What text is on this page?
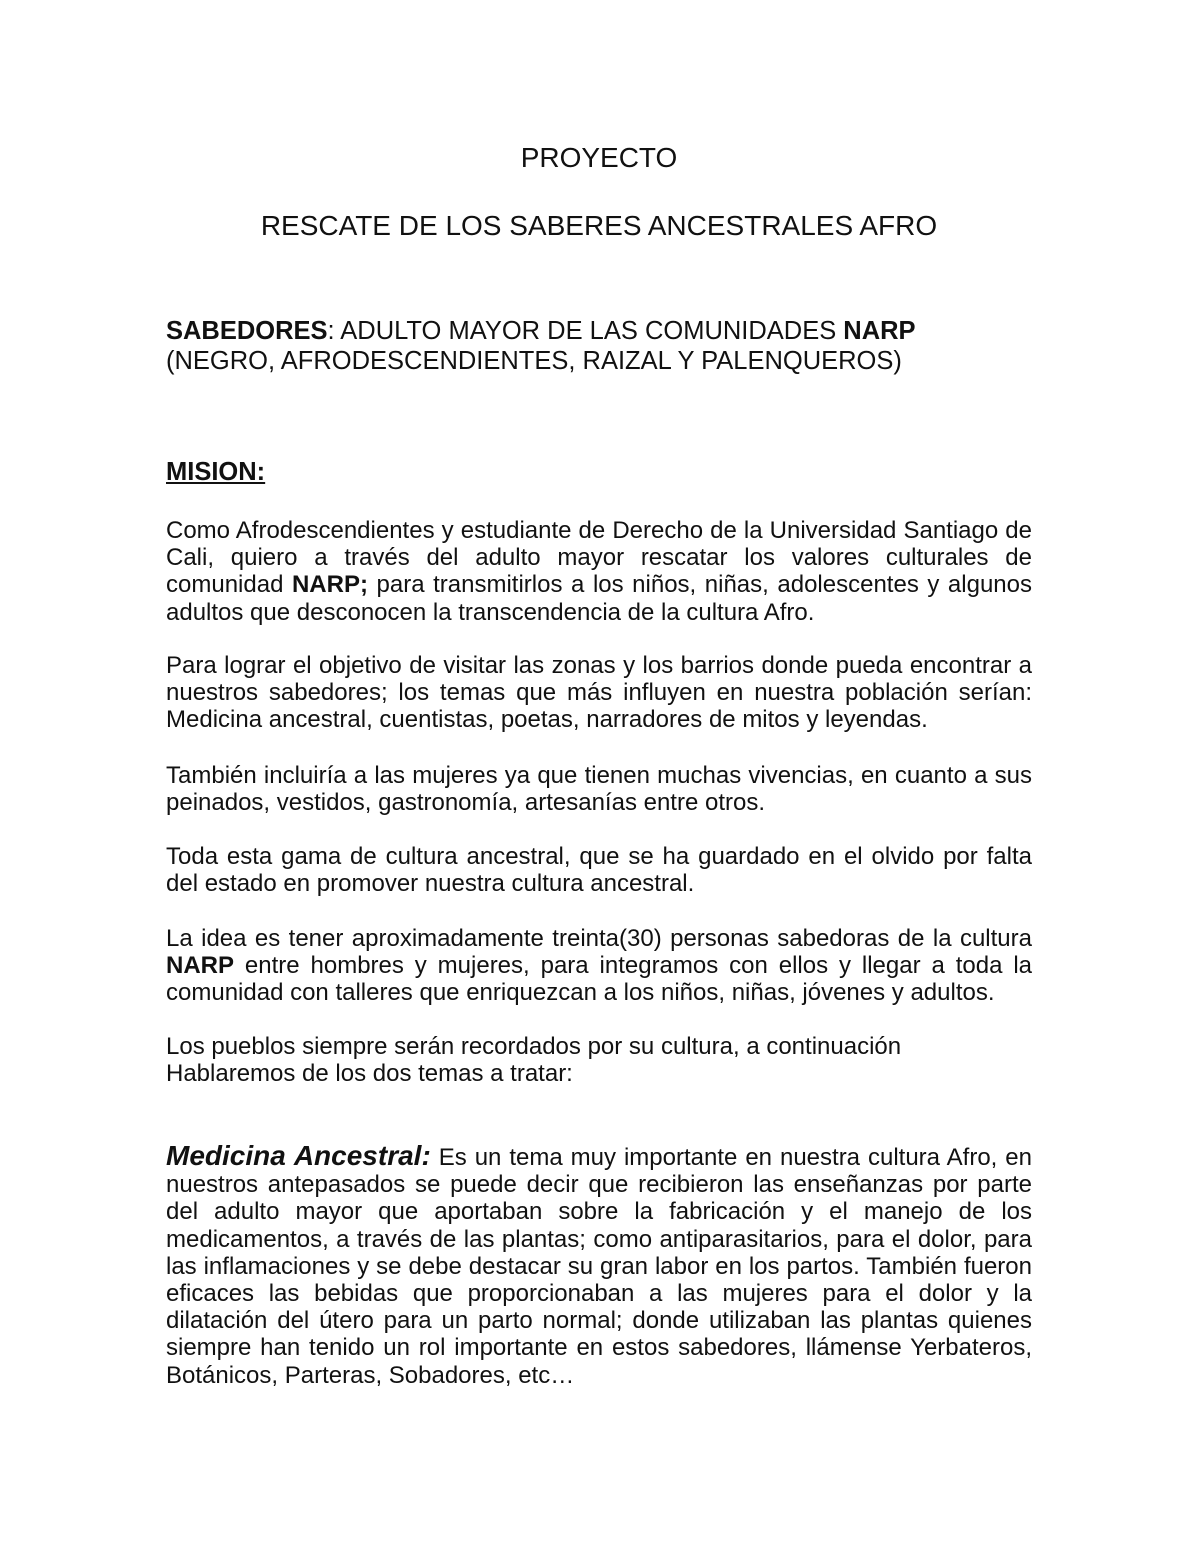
PROYECTO
RESCATE DE LOS SABERES ANCESTRALES AFRO

SABEDORES: ADULTO MAYOR DE LAS COMUNIDADES NARP

(NEGRO, AFRODESCENDIENTES, RAIZAL Y PALENQUEROS)

MISION:

Como Afrodescendientes y estudiante de Derecho de la Universidad Santiago de Cali, quiero a través del adulto mayor rescatar los valores culturales de comunidad NARP; para transmitirlos a los niños, niñas, adolescentes y algunos adultos que desconocen la transcendencia de la cultura Afro.

Para lograr el objetivo de visitar las zonas y los barrios donde pueda encontrar a nuestros sabedores; los temas que más influyen en nuestra población serían: Medicina ancestral, cuentistas, poetas, narradores de mitos y leyendas.

También incluiría a las mujeres ya que tienen muchas vivencias, en cuanto a sus peinados, vestidos, gastronomía, artesanías entre otros.

Toda esta gama de cultura ancestral, que se ha guardado en el olvido por falta del estado en promover nuestra cultura ancestral.

La idea es tener aproximadamente treinta(30) personas sabedoras de la cultura NARP entre hombres y mujeres, para integramos con ellos y llegar a toda la comunidad con talleres que enriquezcan a los niños, niñas, jóvenes y adultos.

Los pueblos siempre serán recordados por su cultura, a continuación

Hablaremos de los dos temas a tratar:

Medicina Ancestral: Es un tema muy importante en nuestra cultura Afro, en nuestros antepasados se puede decir que recibieron las enseñanzas por parte del adulto mayor que aportaban sobre la fabricación y el manejo de los medicamentos, a través de las plantas; como antiparasitarios, para el dolor, para las inflamaciones y se debe destacar su gran labor en los partos. También fueron eficaces las bebidas que proporcionaban a las mujeres para el dolor y la dilatación del útero para un parto normal; donde utilizaban las plantas quienes siempre han tenido un rol importante en estos sabedores, llámense Yerbateros, Botánicos, Parteras, Sobadores, etc…
